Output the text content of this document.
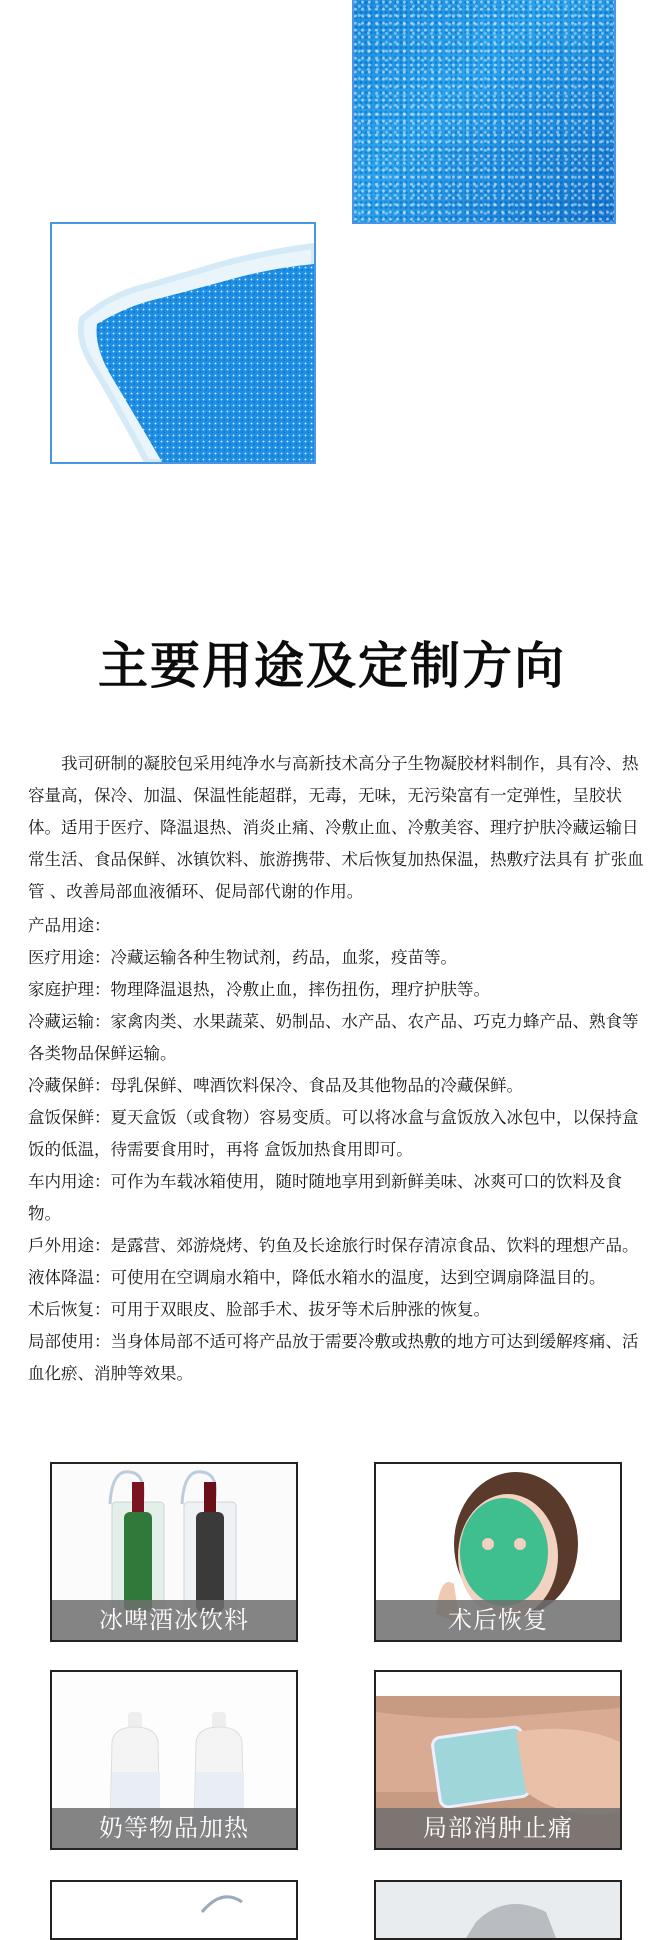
主要用途及定制方向
我司研制的凝胶包采用纯净水与高新技术高分子生物凝胶材料制作，具有冷、热容量高，保冷、加温、保温性能超群，无毒，无味，无污染富有一定弹性，呈胶状体。适用于医疗、降温退热、消炎止痛、冷敷止血、冷敷美容、理疗护肤冷藏运输日常生活、食品保鲜、冰镇饮料、旅游携带、术后恢复加热保温，热敷疗法具有 扩张血管 、改善局部血液循环、促局部代谢的作用。
产品用途：
医疗用途：冷藏运输各种生物试剂，药品，血浆，疫苗等。
家庭护理：物理降温退热，冷敷止血，摔伤扭伤，理疗护肤等。
冷藏运输：家禽肉类、水果蔬菜、奶制品、水产品、农产品、巧克力蜂产品、熟食等各类物品保鲜运输。
冷藏保鲜：母乳保鲜、啤酒饮料保冷、食品及其他物品的冷藏保鲜。
盒饭保鲜：夏天盒饭（或食物）容易变质。可以将冰盒与盒饭放入冰包中，以保持盒饭的低温，待需要食用时，再将 盒饭加热食用即可。
车内用途：可作为车载冰箱使用，随时随地享用到新鲜美味、冰爽可口的饮料及食物。
戶外用途：是露营、郊游烧烤、钓鱼及长途旅行时保存清凉食品、饮料的理想产品。
液体降温：可使用在空调扇水箱中，降低水箱水的温度，达到空调扇降温目的。
术后恢复：可用于双眼皮、脸部手术、拔牙等术后肿涨的恢复。
局部使用：当身体局部不适可将产品放于需要冷敷或热敷的地方可达到缓解疼痛、活血化瘀、消肿等效果。
冰啤酒冰饮料	术后恢复
奶等物品加热	局部消肿止痛
